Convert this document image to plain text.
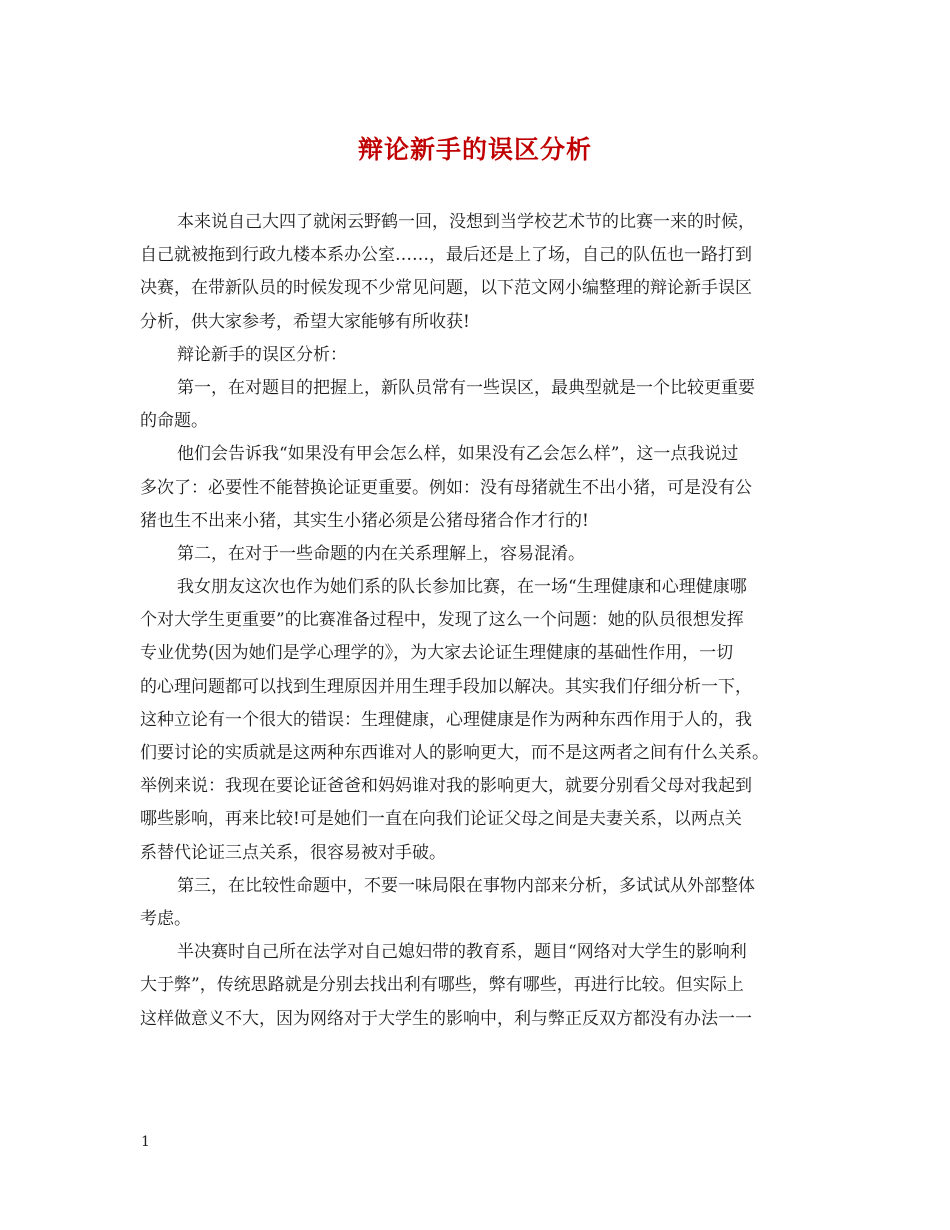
辩论新手的误区分析
本来说自己大四了就闲云野鹤一回，没想到当学校艺术节的比赛一来的时候，
自己就被拖到行政九楼本系办公室……，最后还是上了场，自己的队伍也一路打到
决赛，在带新队员的时候发现不少常见问题，以下范文网小编整理的辩论新手误区
分析，供大家参考，希望大家能够有所收获!
辩论新手的误区分析：
第一，在对题目的把握上，新队员常有一些误区，最典型就是一个比较更重要
的命题。
他们会告诉我“如果没有甲会怎么样，如果没有乙会怎么样”，这一点我说过
多次了：必要性不能替换论证更重要。例如：没有母猪就生不出小猪，可是没有公
猪也生不出来小猪，其实生小猪必须是公猪母猪合作才行的!
第二，在对于一些命题的内在关系理解上，容易混淆。
我女朋友这次也作为她们系的队长参加比赛，在一场“生理健康和心理健康哪
个对大学生更重要”的比赛准备过程中，发现了这么一个问题：她的队员很想发挥
专业优势(因为她们是学心理学的》，为大家去论证生理健康的基础性作用，一切
的心理问题都可以找到生理原因并用生理手段加以解决。其实我们仔细分析一下，
这种立论有一个很大的错误：生理健康，心理健康是作为两种东西作用于人的，我
们要讨论的实质就是这两种东西谁对人的影响更大，而不是这两者之间有什么关系。
举例来说：我现在要论证爸爸和妈妈谁对我的影响更大，就要分别看父母对我起到
哪些影响，再来比较!可是她们一直在向我们论证父母之间是夫妻关系，以两点关
系替代论证三点关系，很容易被对手破。
第三，在比较性命题中，不要一味局限在事物内部来分析，多试试从外部整体
考虑。
半决赛时自己所在法学对自己媳妇带的教育系，题目“网络对大学生的影响利
大于弊”，传统思路就是分别去找出利有哪些，弊有哪些，再进行比较。但实际上
这样做意义不大，因为网络对于大学生的影响中，利与弊正反双方都没有办法一一
1
